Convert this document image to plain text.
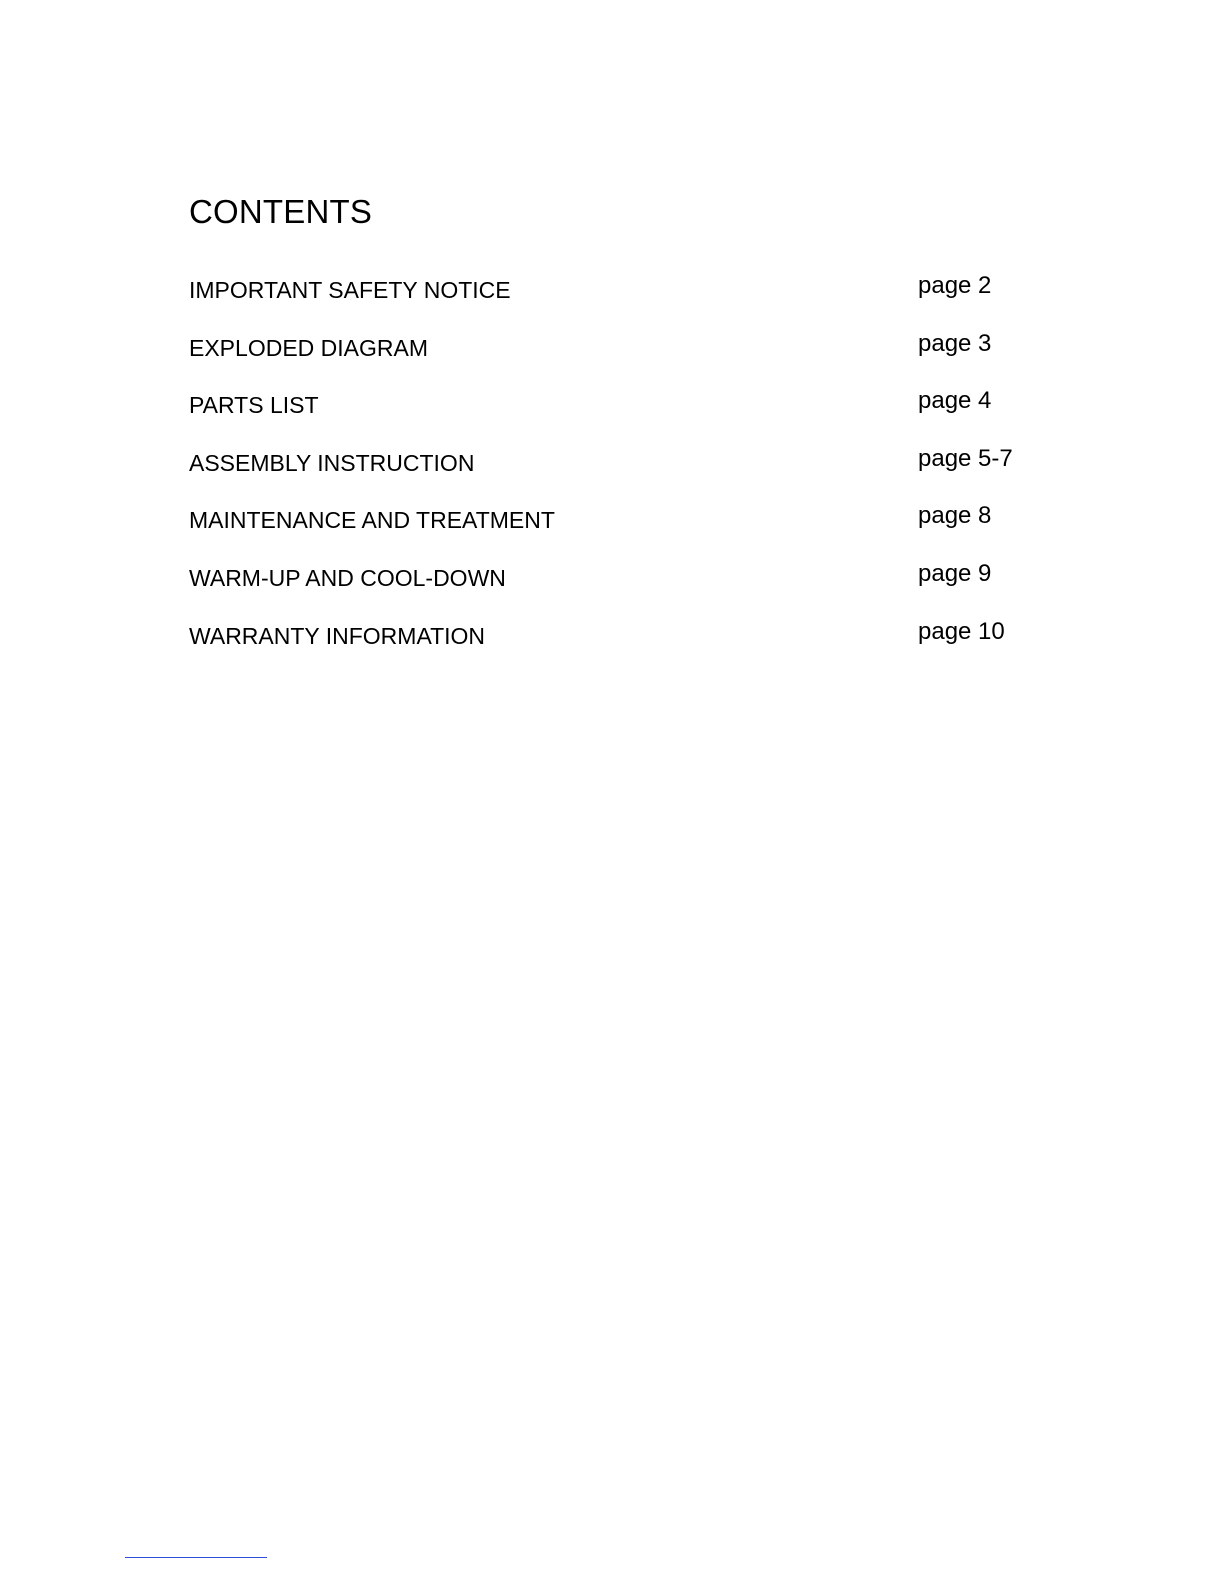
CONTENTS
IMPORTANT SAFETY NOTICE	page 2
EXPLODED DIAGRAM	page 3
PARTS LIST	page 4
ASSEMBLY INSTRUCTION	page 5-7
MAINTENANCE AND TREATMENT	page 8
WARM-UP AND COOL-DOWN	page 9
WARRANTY INFORMATION	page 10
